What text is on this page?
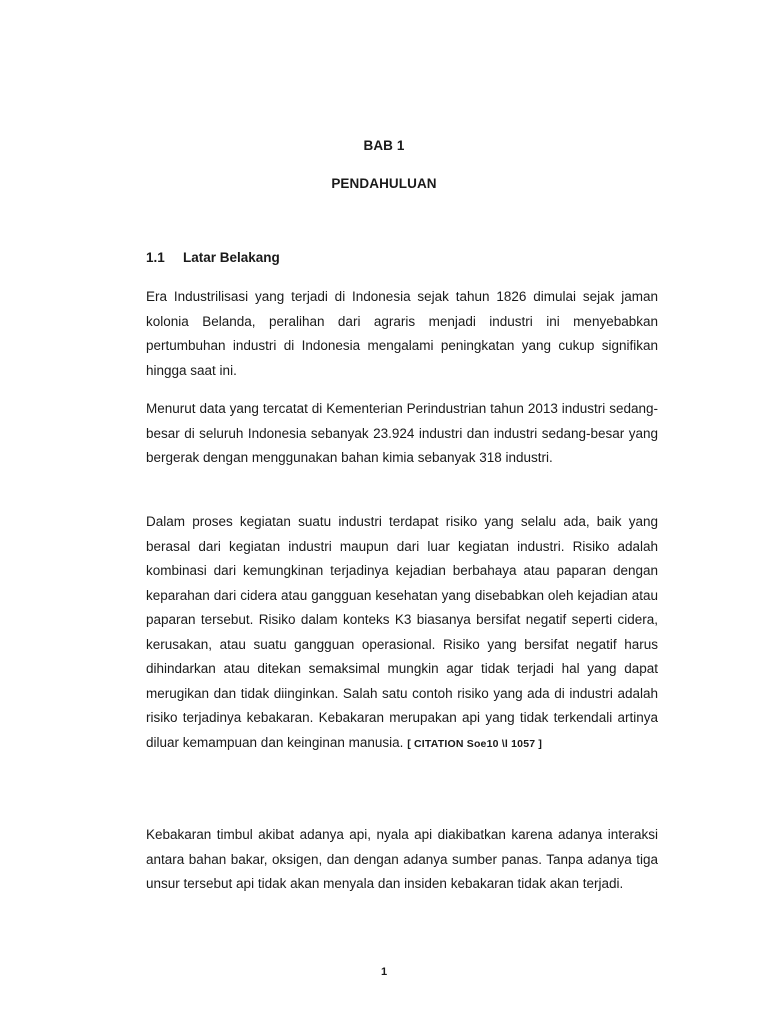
BAB 1
PENDAHULUAN
1.1 Latar Belakang

Era Industrilisasi yang terjadi di Indonesia sejak tahun 1826 dimulai sejak jaman kolonia Belanda, peralihan dari agraris menjadi industri ini menyebabkan pertumbuhan industri di Indonesia mengalami peningkatan yang cukup signifikan hingga saat ini.

Menurut data yang tercatat di Kementerian Perindustrian tahun 2013 industri sedang-besar di seluruh Indonesia sebanyak 23.924 industri dan industri sedang-besar yang bergerak dengan menggunakan bahan kimia sebanyak 318 industri.

Dalam proses kegiatan suatu industri terdapat risiko yang selalu ada, baik yang berasal dari kegiatan industri maupun dari luar kegiatan industri. Risiko adalah kombinasi dari kemungkinan terjadinya kejadian berbahaya atau paparan dengan keparahan dari cidera atau gangguan kesehatan yang disebabkan oleh kejadian atau paparan tersebut. Risiko dalam konteks K3 biasanya bersifat negatif seperti cidera, kerusakan, atau suatu gangguan operasional. Risiko yang bersifat negatif harus dihindarkan atau ditekan semaksimal mungkin agar tidak terjadi hal yang dapat merugikan dan tidak diinginkan. Salah satu contoh risiko yang ada di industri adalah risiko terjadinya kebakaran. Kebakaran merupakan api yang tidak terkendali artinya diluar kemampuan dan keinginan manusia. [ CITATION Soe10 \l 1057 ]

Kebakaran timbul akibat adanya api, nyala api diakibatkan karena adanya interaksi antara bahan bakar, oksigen, dan dengan adanya sumber panas. Tanpa adanya tiga unsur tersebut api tidak akan menyala dan insiden kebakaran tidak akan terjadi.

1
